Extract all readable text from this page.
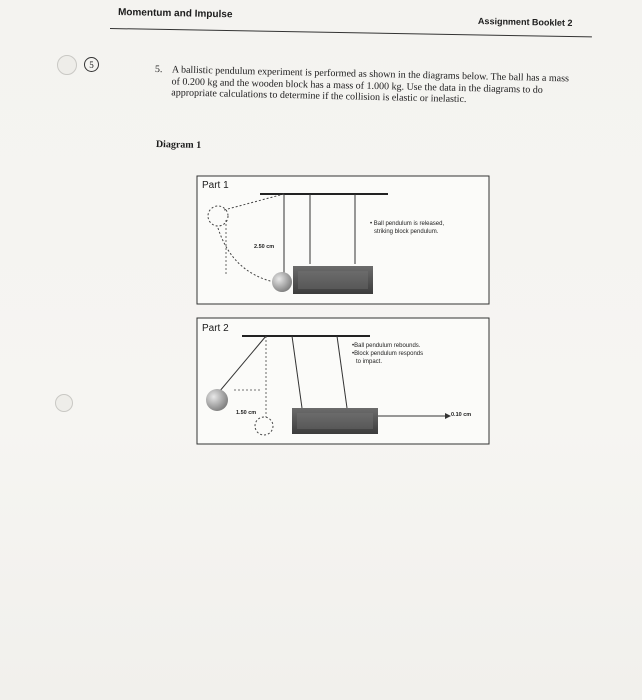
Momentum and Impulse
Assignment Booklet 2
5	5. A ballistic pendulum experiment is performed as shown in the diagrams below. The ball has a mass of 0.200 kg and the wooden block has a mass of 1.000 kg. Use the data in the diagrams to do appropriate calculations to determine if the collision is elastic or inelastic.
Diagram 1
Part 1
2.50 cm
• Ball pendulum is released,
striking block pendulum.
Part 2
1.50 cm	0.10 cm
•Ball pendulum rebounds.
•Block pendulum responds
to impact.
